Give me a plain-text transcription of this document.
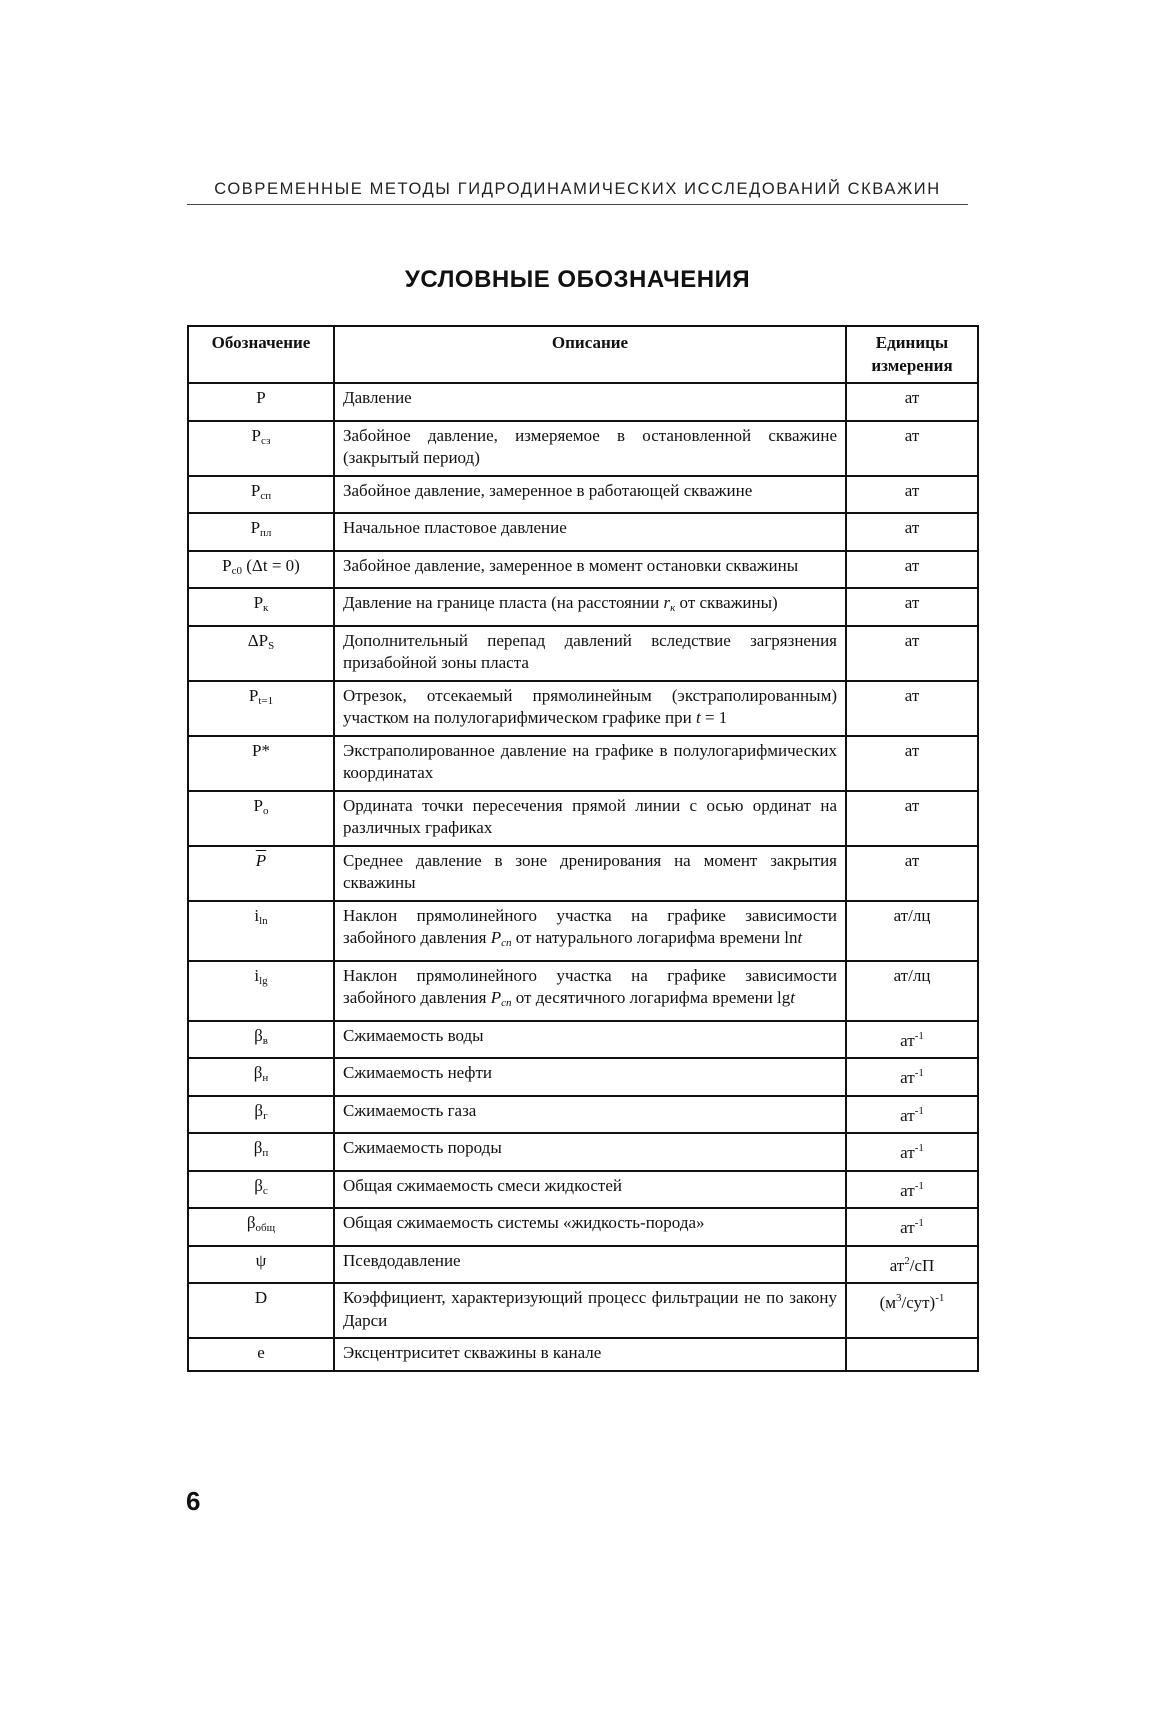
СОВРЕМЕННЫЕ МЕТОДЫ ГИДРОДИНАМИЧЕСКИХ ИССЛЕДОВАНИЙ СКВАЖИН
УСЛОВНЫЕ ОБОЗНАЧЕНИЯ
Обозначение	Описание	Единицы измерения
P	Давление	ат
$P_{сз}$	Забойное давление, измеряемое в остановленной скважине (закрытый период)	ат
$P_{сп}$	Забойное давление, замеренное в работающей скважине	ат
$P_{пл}$	Начальное пластовое давление	ат
$P_{с0}$ (Δt = 0)	Забойное давление, замеренное в момент остановки скважины	ат
$P_к$	Давление на границе пласта (на расстоянии $r_к$ от скважины)	ат
$\Delta P_S$	Дополнительный перепад давлений вследствие загрязнения призабойной зоны пласта	ат
$P_{t=1}$	Отрезок, отсекаемый прямолинейным (экстраполированным) участком на полулогарифмическом графике при t = 1	ат
P*	Экстраполированное давление на графике в полулогарифмических координатах	ат
$P_o$	Ордината точки пересечения прямой линии с осью ординат на различных графиках	ат
$\overline{P}$	Среднее давление в зоне дренирования на момент закрытия скважины	ат
$i_{ln}$	Наклон прямолинейного участка на графике зависимости забойного давления $P_{сп}$ от натурального логарифма времени lnt	ат/лц
$i_{lg}$	Наклон прямолинейного участка на графике зависимости забойного давления $P_{сп}$ от десятичного логарифма времени lgt	ат/лц
$\beta_в$	Сжимаемость воды	$ат^{-1}$
$\beta_н$	Сжимаемость нефти	$ат^{-1}$
$\beta_г$	Сжимаемость газа	$ат^{-1}$
$\beta_п$	Сжимаемость породы	$ат^{-1}$
$\beta_с$	Общая сжимаемость смеси жидкостей	$ат^{-1}$
$\beta_{общ}$	Общая сжимаемость системы «жидкость-порода»	$ат^{-1}$
ψ	Псевдодавление	$ат^2/сП$
D	Коэффициент, характеризующий процесс фильтрации не по закону Дарси	$(м^3/сут)^{-1}$
e	Эксцентриситет скважины в канале	
6
